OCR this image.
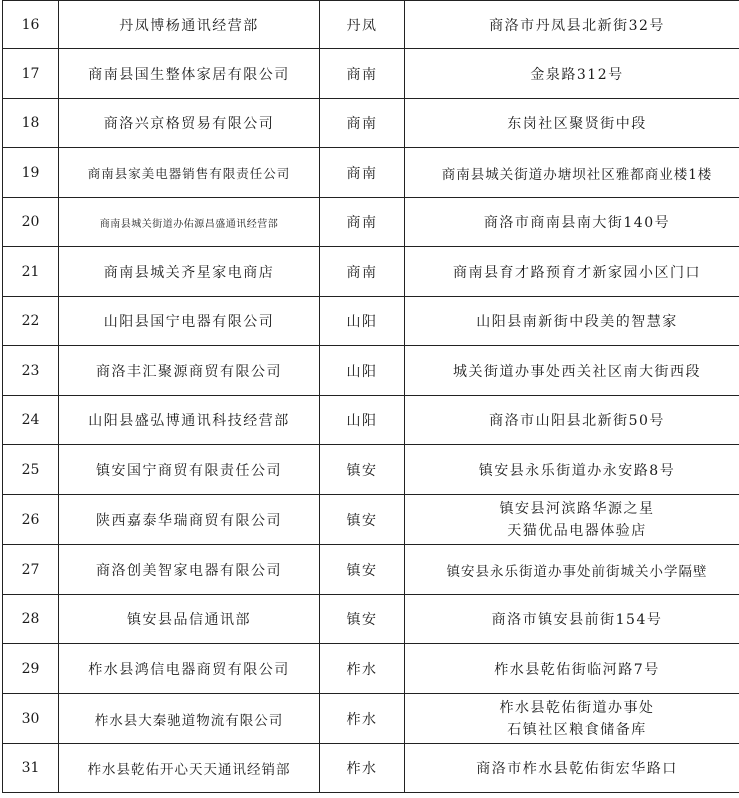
16	丹凤博杨通讯经营部	丹凤	商洛市丹凤县北新街32号
17	商南县国生整体家居有限公司	商南	金泉路312号
18	商洛兴京格贸易有限公司	商南	东岗社区聚贤街中段
19	商南县家美电器销售有限责任公司	商南	商南县城关街道办塘坝社区雅都商业楼1楼
20	商南县城关街道办佑源昌盛通讯经营部	商南	商洛市商南县南大街140号
21	商南县城关齐星家电商店	商南	商南县育才路预育才新家园小区门口
22	山阳县国宁电器有限公司	山阳	山阳县南新街中段美的智慧家
23	商洛丰汇聚源商贸有限公司	山阳	城关街道办事处西关社区南大街西段
24	山阳县盛弘博通讯科技经营部	山阳	商洛市山阳县北新街50号
25	镇安国宁商贸有限责任公司	镇安	镇安县永乐街道办永安路8号
26	陕西嘉泰华瑞商贸有限公司	镇安	镇安县河滨路华源之星
天猫优品电器体验店

27	商洛创美智家电器有限公司	镇安	镇安县永乐街道办事处前街城关小学隔壁
28	镇安县品信通讯部	镇安	商洛市镇安县前街154号
29	柞水县鸿信电器商贸有限公司	柞水	柞水县乾佑街临河路7号
30	柞水县大秦驰道物流有限公司	柞水	柞水县乾佑街道办事处
石镇社区粮食储备库

31	柞水县乾佑开心天天通讯经销部	柞水	商洛市柞水县乾佑街宏华路口
